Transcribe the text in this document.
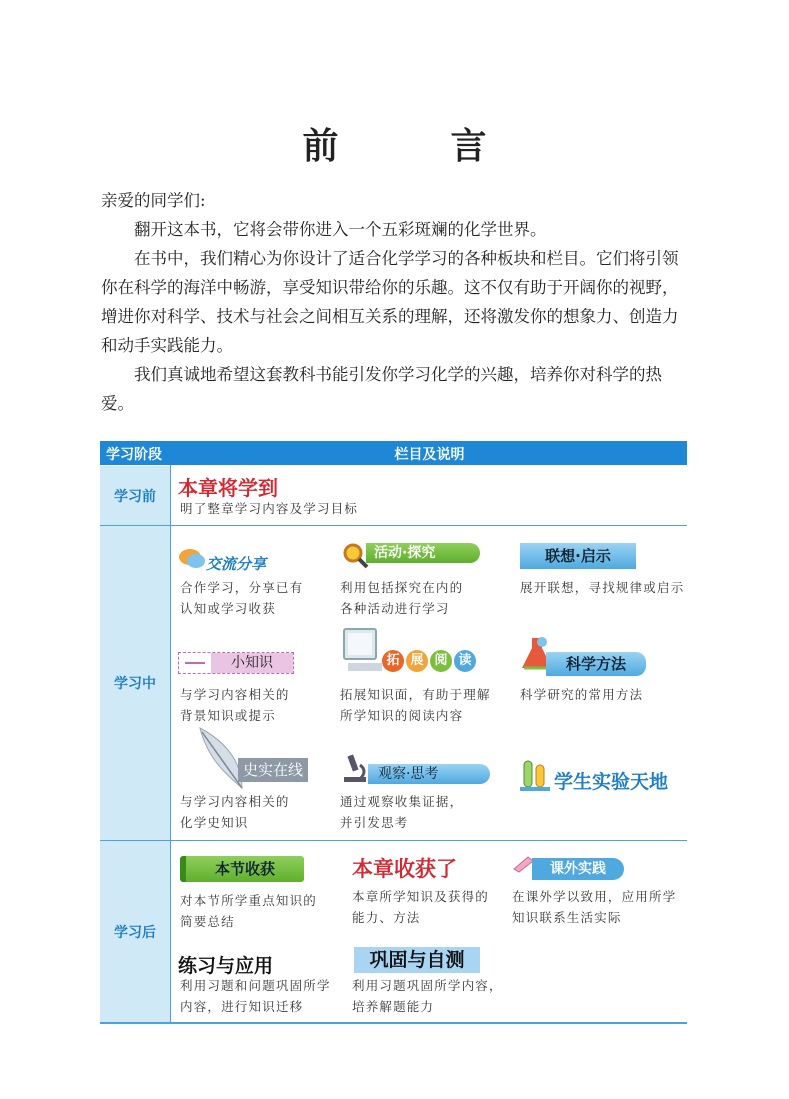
前　言
亲爱的同学们:
翻开这本书，它将会带你进入一个五彩斑斓的化学世界。
在书中，我们精心为你设计了适合化学学习的各种板块和栏目。它们将引领你在科学的海洋中畅游，享受知识带给你的乐趣。这不仅有助于开阔你的视野，增进你对科学、技术与社会之间相互关系的理解，还将激发你的想象力、创造力和动手实践能力。
我们真诚地希望这套教科书能引发你学习化学的兴趣，培养你对科学的热爱。
学习阶段	栏目及说明
学习前
学习中
学习后
本章将学到
明了整章学习内容及学习目标
交流分享
合作学习，分享已有
认知或学习收获
活动·探究
利用包括探究在内的
各种活动进行学习
联想·启示
展开联想，寻找规律或启示
小知识
与学习内容相关的
背景知识或提示
拓 展 阅 读
拓展知识面，有助于理解
所学知识的阅读内容
科学方法
科学研究的常用方法
史实在线
与学习内容相关的
化学史知识
观察·思考
通过观察收集证据，
并引发思考
学生实验天地
本节收获
对本节所学重点知识的
简要总结
本章收获了
本章所学知识及获得的
能力、方法
课外实践
在课外学以致用，应用所学
知识联系生活实际
练习与应用
利用习题和问题巩固所学
内容，进行知识迁移
巩固与自测
利用习题巩固所学内容，
培养解题能力
